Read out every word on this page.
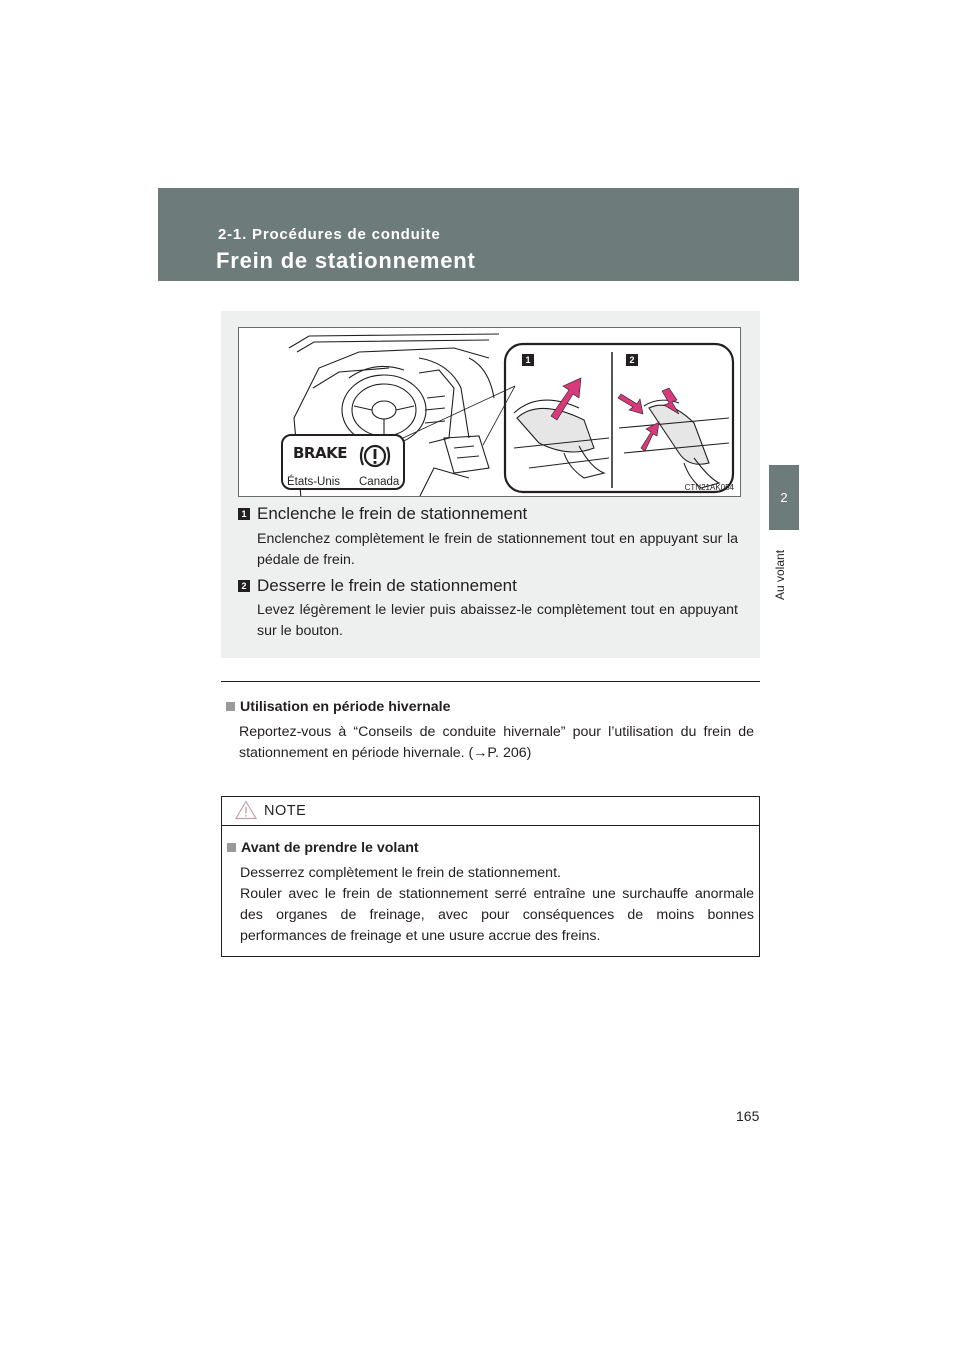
2-1. Procédures de conduite
Frein de stationnement
2
Au volant
1	2
BRAKE
États-Unis Canada	CTN21AK054
1 Enclenche le frein de stationnement
Enclenchez complètement le frein de stationnement tout en appuyant sur la pédale de frein.
2 Desserre le frein de stationnement
Levez légèrement le levier puis abaissez-le complètement tout en appuyant sur le bouton.
Utilisation en période hivernale
Reportez-vous à “Conseils de conduite hivernale” pour l’utilisation du frein de stationnement en période hivernale. (→P. 206)
NOTE
Avant de prendre le volant
Desserrez complètement le frein de stationnement.
Rouler avec le frein de stationnement serré entraîne une surchauffe anormale des organes de freinage, avec pour conséquences de moins bonnes performances de freinage et une usure accrue des freins.
165
